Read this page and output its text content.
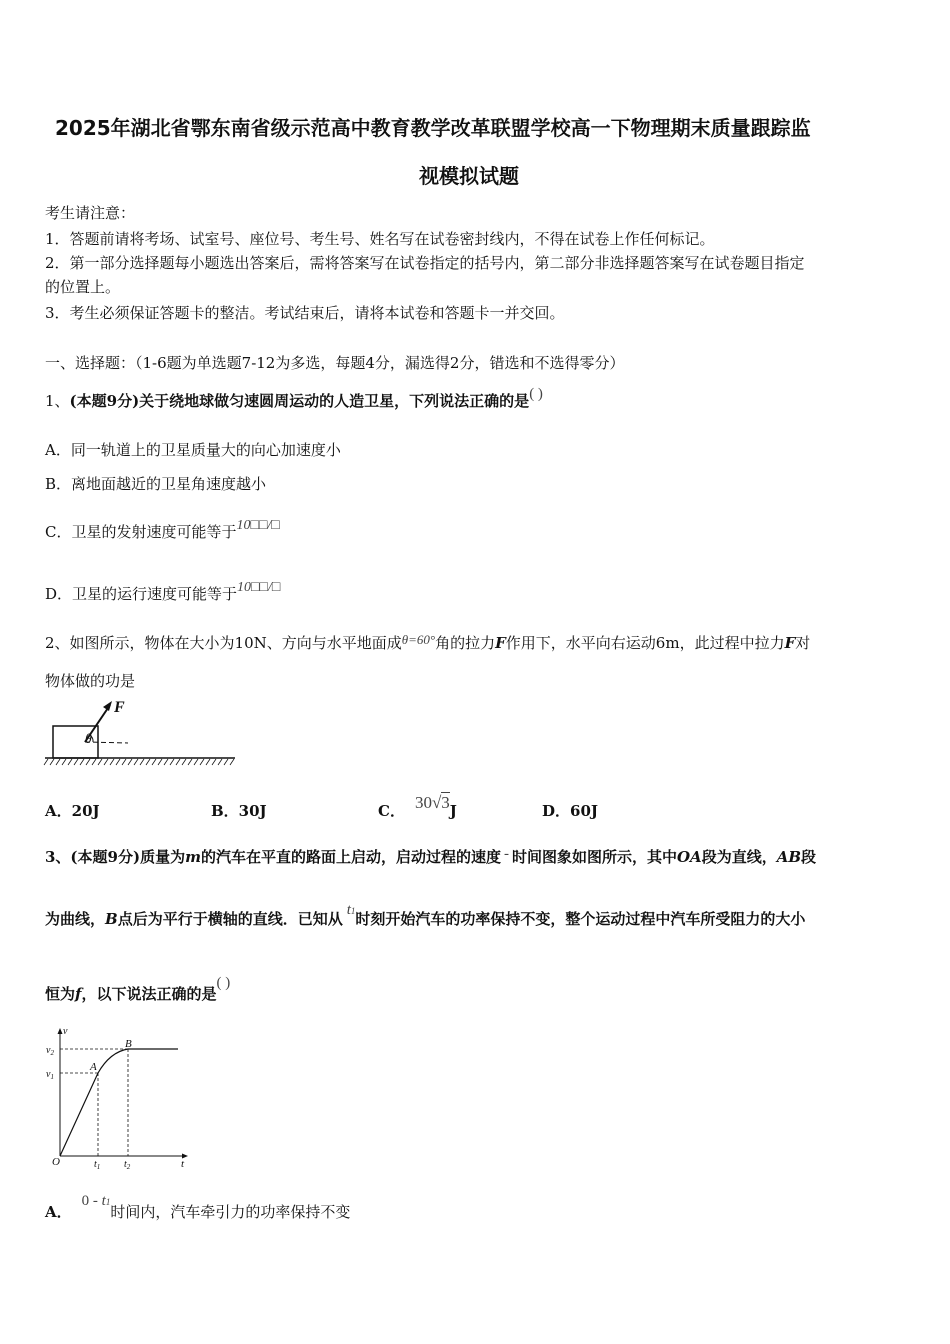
2025年湖北省鄂东南省级示范高中教育教学改革联盟学校高一下物理期末质量跟踪监
视模拟试题
考生请注意：
1．答题前请将考场、试室号、座位号、考生号、姓名写在试卷密封线内，不得在试卷上作任何标记。
2．第一部分选择题每小题选出答案后，需将答案写在试卷指定的括号内，第二部分非选择题答案写在试卷题目指定
的位置上。
3．考生必须保证答题卡的整洁。考试结束后，请将本试卷和答题卡一并交回。
一、选择题：（1-6题为单选题7-12为多选，每题4分，漏选得2分，错选和不选得零分）
1、(本题9分)关于绕地球做匀速圆周运动的人造卫星，下列说法正确的是( )
A．同一轨道上的卫星质量大的向心加速度小
B．离地面越近的卫星角速度越小
C．卫星的发射速度可能等于10□□/□
D．卫星的运行速度可能等于10□□/□
2、如图所示，物体在大小为10N、方向与水平地面成θ=60°角的拉力F作用下，水平向右运动6m，此过程中拉力F对
物体做的功是
F
θ
A．20J	B．30J	C． 30√3J	D．60J
3、(本题9分)质量为m的汽车在平直的路面上启动，启动过程的速度 - 时间图象如图所示，其中OA段为直线，AB段
为曲线，B点后为平行于横轴的直线．已知从 t1时刻开始汽车的功率保持不变，整个运动过程中汽车所受阻力的大小
恒为f，以下说法正确的是( )
v
$v_2$
$v_1$
O
A
B
$t_1$ $t_2$	t
A．0 - t1时间内，汽车牵引力的功率保持不变
